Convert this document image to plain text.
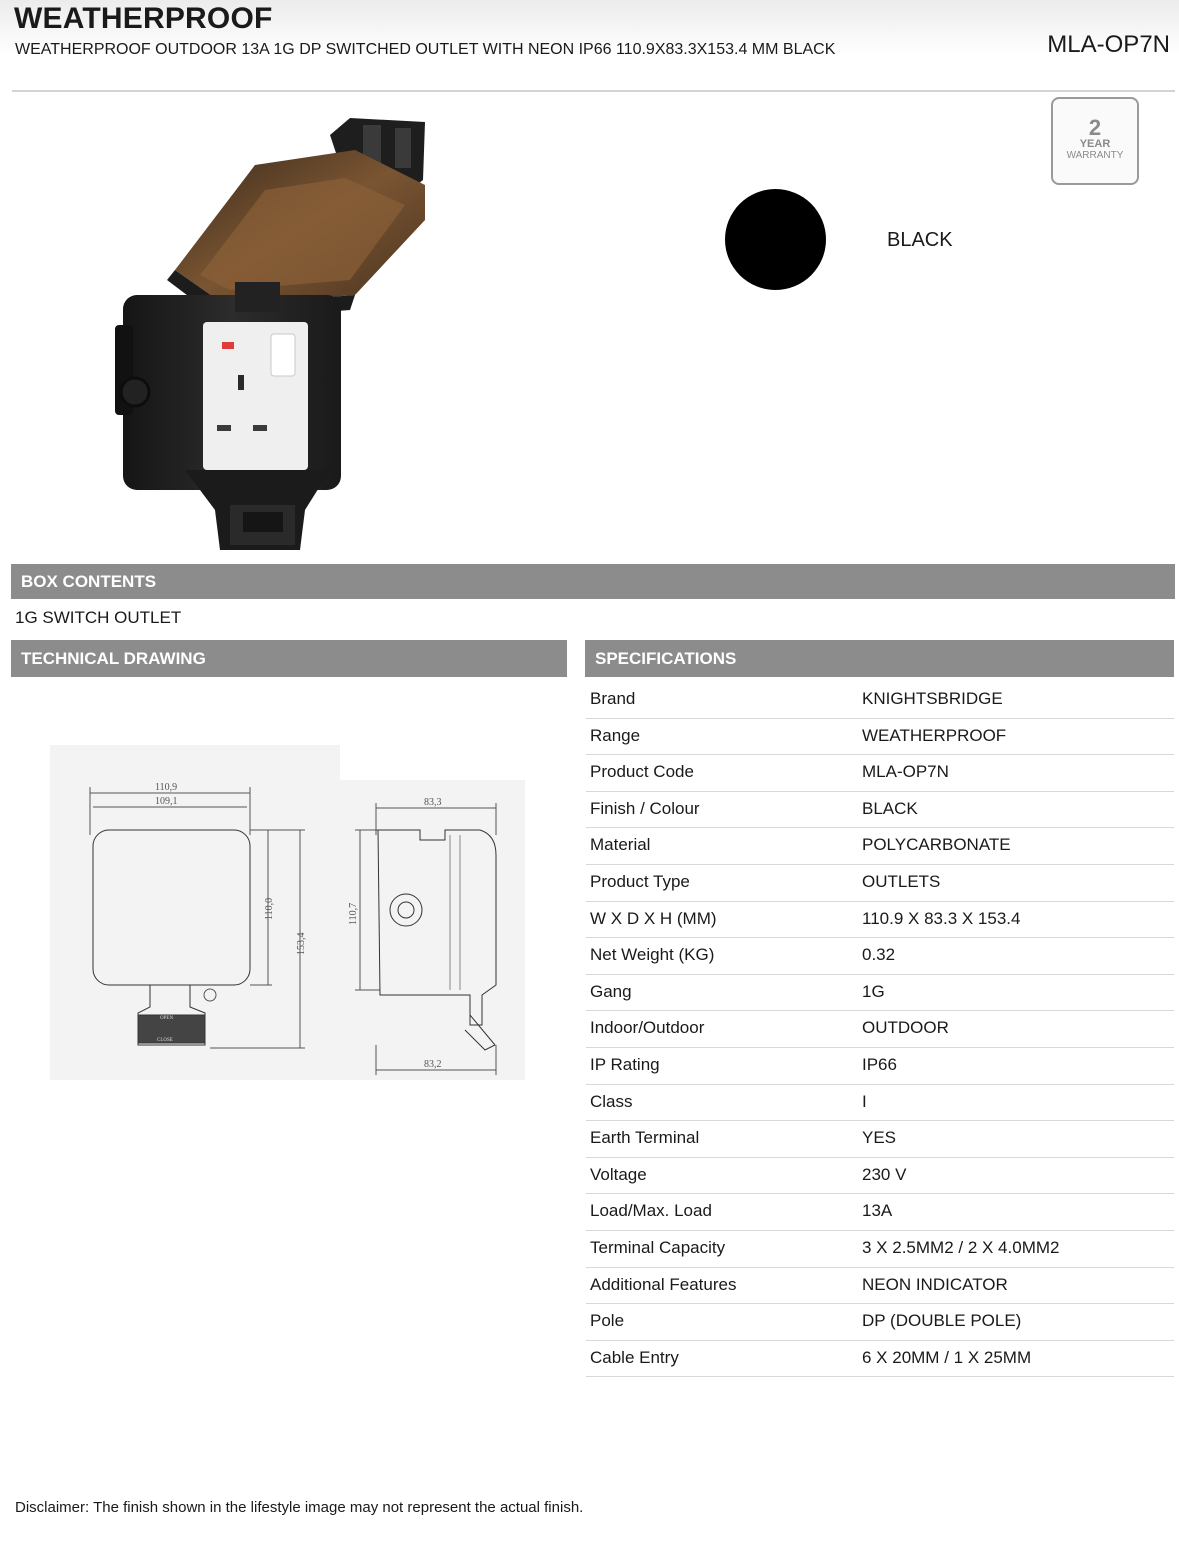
WEATHERPROOF
WEATHERPROOF OUTDOOR 13A 1G DP SWITCHED OUTLET WITH NEON IP66 110.9X83.3X153.4 MM BLACK	MLA-OP7N
2
YEAR
WARRANTY
BLACK
BOX CONTENTS
1G SWITCH OUTLET
TECHNICAL DRAWING	SPECIFICATIONS
110,9
109,1
OPEN
CLOSE
110,0
153,4
83,3
110,7
83,2
Brand	KNIGHTSBRIDGE
Range	WEATHERPROOF
Product Code	MLA-OP7N
Finish / Colour	BLACK
Material	POLYCARBONATE
Product Type	OUTLETS
W X D X H (MM)	110.9 X 83.3 X 153.4
Net Weight (KG)	0.32
Gang	1G
Indoor/Outdoor	OUTDOOR
IP Rating	IP66
Class	I
Earth Terminal	YES
Voltage	230 V
Load/Max. Load	13A
Terminal Capacity	3 X 2.5MM2 / 2 X 4.0MM2
Additional Features	NEON INDICATOR
Pole	DP (DOUBLE POLE)
Cable Entry	6 X 20MM / 1 X 25MM
Disclaimer: The finish shown in the lifestyle image may not represent the actual finish.
